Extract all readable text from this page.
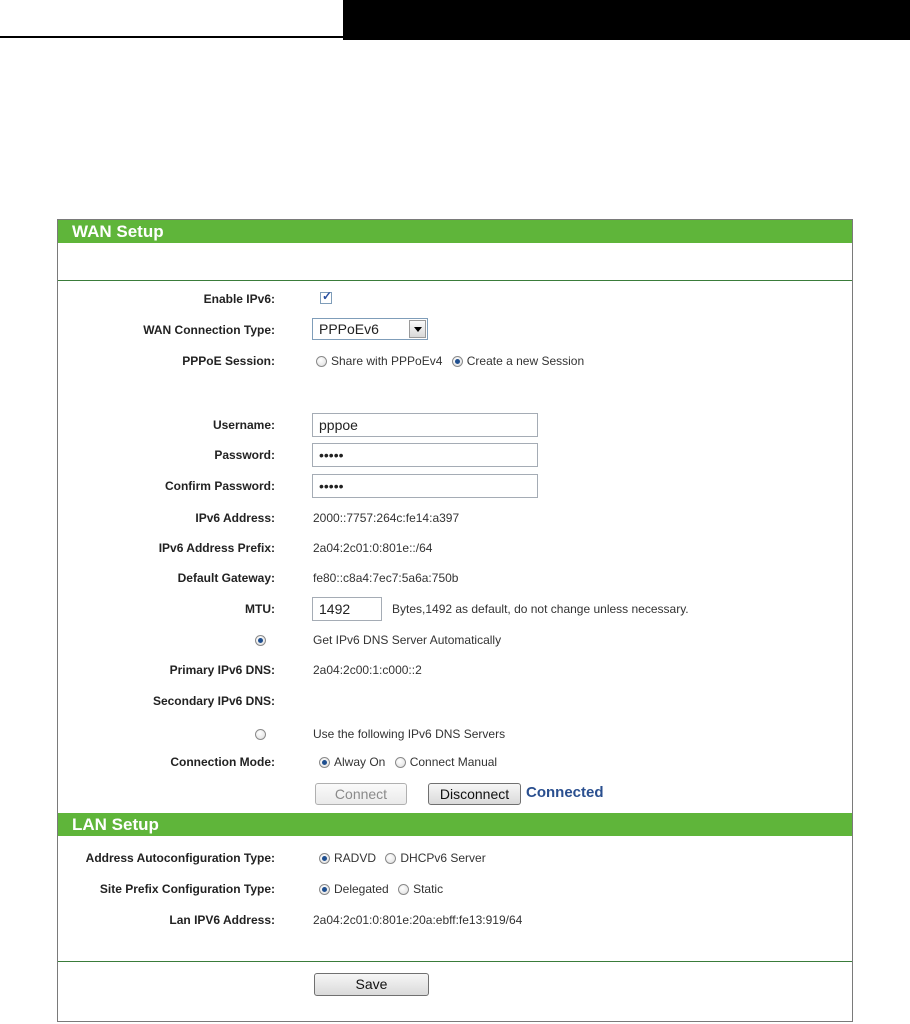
WAN Setup
Enable IPv6:
✓
WAN Connection Type:	PPPoEv6
PPPoE Session:	Share with PPPoEv4 Create a new Session
Username:	pppoe
Password:	•••••
Confirm Password:	•••••
IPv6 Address:	2000::7757:264c:fe14:a397
IPv6 Address Prefix:	2a04:2c01:0:801e::/64
Default Gateway:	fe80::c8a4:7ec7:5a6a:750b
MTU:	1492	Bytes,1492 as default, do not change unless necessary.
Get IPv6 DNS Server Automatically
Primary IPv6 DNS:	2a04:2c00:1:c000::2
Secondary IPv6 DNS:
Use the following IPv6 DNS Servers
Connection Mode:	Alway On Connect Manual
Connect	Disconnect	Connected
LAN Setup
Address Autoconfiguration Type:	RADVD DHCPv6 Server
Site Prefix Configuration Type:	Delegated Static
Lan IPV6 Address:	2a04:2c01:0:801e:20a:ebff:fe13:919/64
Save
